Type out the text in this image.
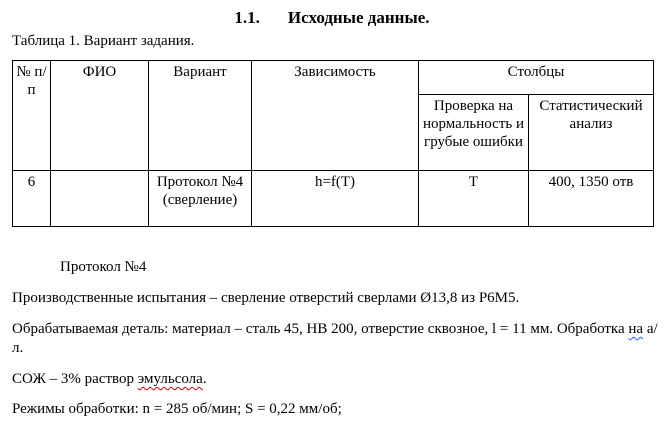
1.1. Исходные данные.
Таблица 1. Вариант задания.
№ п/п	ФИО	Вариант	Зависимость	Столбцы	
				Проверка на нормальность и грубые ошибки	Статистический анализ
6		Протокол №4 (сверление)	h=f(T)	T	400, 1350 отв
Протокол №4
Производственные испытания – сверление отверстий сверлами Ø13,8 из Р6М5.
Обрабатываемая деталь: материал – сталь 45, НВ 200, отверстие сквозное, l = 11 мм. Обработка на а/л.
СОЖ – 3% раствор эмульсола.
Режимы обработки: n = 285 об/мин; S = 0,22 мм/об;
